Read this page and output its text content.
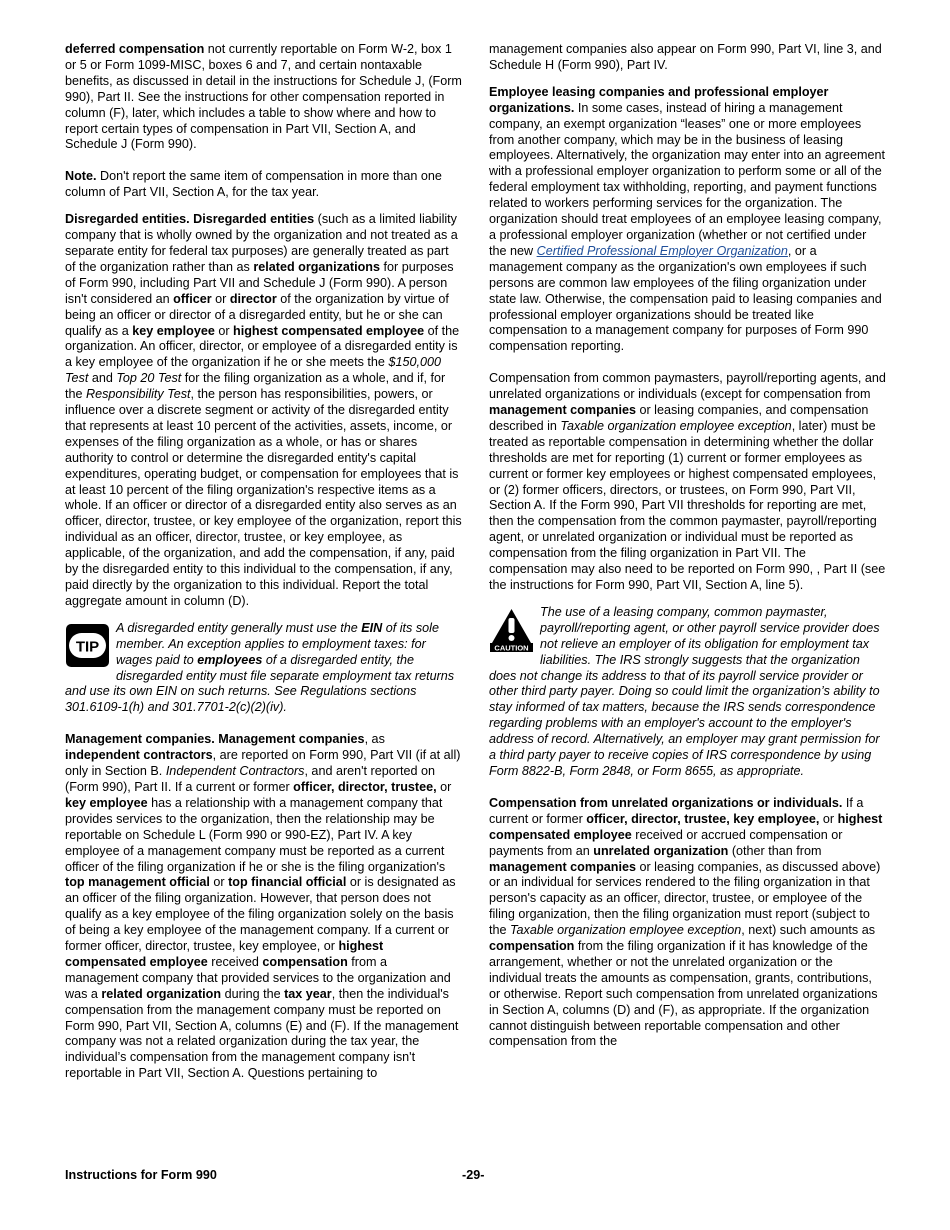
deferred compensation not currently reportable on Form W-2, box 1 or 5 or Form 1099-MISC, boxes 6 and 7, and certain nontaxable benefits, as discussed in detail in the instructions for Schedule J, (Form 990), Part II. See the instructions for other compensation reported in column (F), later, which includes a table to show where and how to report certain types of compensation in Part VII, Section A, and Schedule J (Form 990).

Note. Don't report the same item of compensation in more than one column of Part VII, Section A, for the tax year.

Disregarded entities. Disregarded entities (such as a limited liability company that is wholly owned by the organization and not treated as a separate entity for federal tax purposes) are generally treated as part of the organization rather than as related organizations for purposes of Form 990, including Part VII and Schedule J (Form 990). A person isn't considered an officer or director of the organization by virtue of being an officer or director of a disregarded entity, but he or she can qualify as a key employee or highest compensated employee of the organization. An officer, director, or employee of a disregarded entity is a key employee of the organization if he or she meets the $150,000 Test and Top 20 Test for the filing organization as a whole, and if, for the Responsibility Test, the person has responsibilities, powers, or influence over a discrete segment or activity of the disregarded entity that represents at least 10 percent of the activities, assets, income, or expenses of the filing organization as a whole, or has or shares authority to control or determine the disregarded entity's capital expenditures, operating budget, or compensation for employees that is at least 10 percent of the filing organization's respective items as a whole. If an officer or director of a disregarded entity also serves as an officer, director, trustee, or key employee of the organization, report this individual as an officer, director, trustee, or key employee, as applicable, of the organization, and add the compensation, if any, paid by the disregarded entity to this individual to the compensation, if any, paid directly by the organization to this individual. Report the total aggregate amount in column (D).

TIP
A disregarded entity generally must use the EIN of its sole member. An exception applies to employment taxes: for wages paid to employees of a disregarded entity, the disregarded entity must file separate employment tax returns and use its own EIN on such returns. See Regulations sections 301.6109-1(h) and 301.7701-2(c)(2)(iv).

Management companies. Management companies, as independent contractors, are reported on Form 990, Part VII (if at all) only in Section B. Independent Contractors, and aren't reported on (Form 990), Part II. If a current or former officer, director, trustee, or key employee has a relationship with a management company that provides services to the organization, then the relationship may be reportable on Schedule L (Form 990 or 990-EZ), Part IV. A key employee of a management company must be reported as a current officer of the filing organization if he or she is the filing organization's top management official or top financial official or is designated as an officer of the filing organization. However, that person does not qualify as a key employee of the filing organization solely on the basis of being a key employee of the management company. If a current or former officer, director, trustee, key employee, or highest compensated employee received compensation from a management company that provided services to the organization and was a related organization during the tax year, then the individual's compensation from the management company must be reported on Form 990, Part VII, Section A, columns (E) and (F). If the management company was not a related organization during the tax year, the individual’s compensation from the management company isn't reportable in Part VII, Section A. Questions pertaining to

management companies also appear on Form 990, Part VI, line 3, and Schedule H (Form 990), Part IV.

Employee leasing companies and professional employer organizations. In some cases, instead of hiring a management company, an exempt organization “leases” one or more employees from another company, which may be in the business of leasing employees. Alternatively, the organization may enter into an agreement with a professional employer organization to perform some or all of the federal employment tax withholding, reporting, and payment functions related to workers performing services for the organization. The organization should treat employees of an employee leasing company, a professional employer organization (whether or not certified under the new Certified Professional Employer Organization, or a management company as the organization's own employees if such persons are common law employees of the filing organization under state law. Otherwise, the compensation paid to leasing companies and professional employer organizations should be treated like compensation to a management company for purposes of Form 990 compensation reporting.

Compensation from common paymasters, payroll/reporting agents, and unrelated organizations or individuals (except for compensation from management companies or leasing companies, and compensation described in Taxable organization employee exception, later) must be treated as reportable compensation in determining whether the dollar thresholds are met for reporting (1) current or former employees as current or former key employees or highest compensated employees, or (2) former officers, directors, or trustees, on Form 990, Part VII, Section A. If the Form 990, Part VII thresholds for reporting are met, then the compensation from the common paymaster, payroll/reporting agent, or unrelated organization or individual must be reported as compensation from the filing organization in Part VII. The compensation may also need to be reported on Form 990, , Part II (see the instructions for Form 990, Part VII, Section A, line 5).

CAUTION
The use of a leasing company, common paymaster, payroll/reporting agent, or other payroll service provider does not relieve an employer of its obligation for employment tax liabilities. The IRS strongly suggests that the organization does not change its address to that of its payroll service provider or other third party payer. Doing so could limit the organization’s ability to stay informed of tax matters, because the IRS sends correspondence regarding problems with an employer's account to the employer's address of record. Alternatively, an employer may grant permission for a third party payer to receive copies of IRS correspondence by using Form 8822-B, Form 2848, or Form 8655, as appropriate.

Compensation from unrelated organizations or individuals. If a current or former officer, director, trustee, key employee, or highest compensated employee received or accrued compensation or payments from an unrelated organization (other than from management companies or leasing companies, as discussed above) or an individual for services rendered to the filing organization in that person's capacity as an officer, director, trustee, or employee of the filing organization, then the filing organization must report (subject to the Taxable organization employee exception, next) such amounts as compensation from the filing organization if it has knowledge of the arrangement, whether or not the unrelated organization or the individual treats the amounts as compensation, grants, contributions, or otherwise. Report such compensation from unrelated organizations in Section A, columns (D) and (F), as appropriate. If the organization cannot distinguish between reportable compensation and other compensation from the

Instructions for Form 990	-29-
